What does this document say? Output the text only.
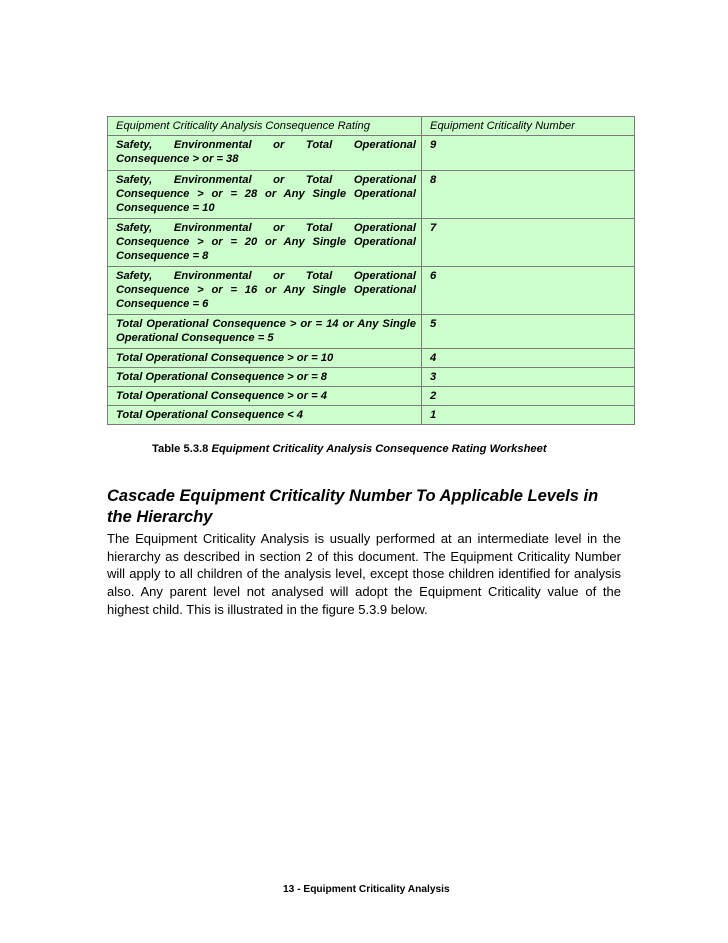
Equipment Criticality Analysis Consequence Rating	Equipment Criticality Number

Safety, Environmental or Total Operational Consequence > or = 38	9

Safety, Environmental or Total Operational Consequence > or = 28 or Any Single Operational Consequence = 10	8

Safety, Environmental or Total Operational Consequence > or = 20 or Any Single Operational Consequence = 8	7

Safety, Environmental or Total Operational Consequence > or = 16 or Any Single Operational Consequence = 6	6

Total Operational Consequence > or = 14 or Any Single Operational Consequence = 5	5
Total Operational Consequence > or = 10	4
Total Operational Consequence > or = 8	3
Total Operational Consequence > or = 4	2
Total Operational Consequence < 4	1
Table 5.3.8 Equipment Criticality Analysis Consequence Rating Worksheet
Cascade Equipment Criticality Number To Applicable Levels in the Hierarchy
The Equipment Criticality Analysis is usually performed at an intermediate level in the hierarchy as described in section 2 of this document. The Equipment Criticality Number will apply to all children of the analysis level, except those children identified for analysis also. Any parent level not analysed will adopt the Equipment Criticality value of the highest child. This is illustrated in the figure 5.3.9 below.
13 - Equipment Criticality Analysis
